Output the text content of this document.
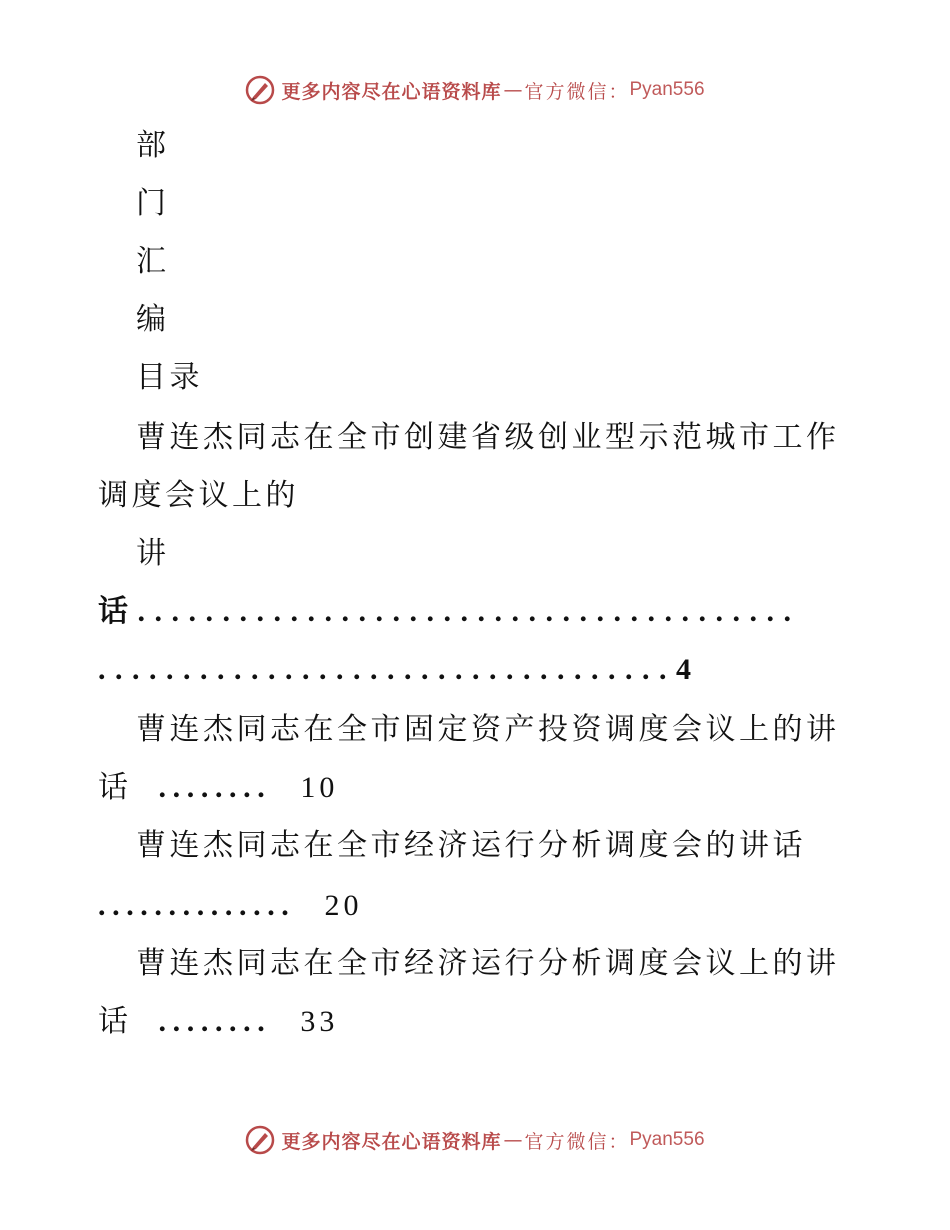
更多内容尽在心语资料库 — 官方微信： Pyan556
部
门
汇
编
目录
曹连杰同志在全市创建省级创业型示范城市工作
调度会议上的
讲
话.......................................
..................................4
曹连杰同志在全市固定资产投资调度会议上的讲
话 ........ 10
曹连杰同志在全市经济运行分析调度会的讲话
.............. 20
曹连杰同志在全市经济运行分析调度会议上的讲
话 ........ 33
更多内容尽在心语资料库 — 官方微信： Pyan556
